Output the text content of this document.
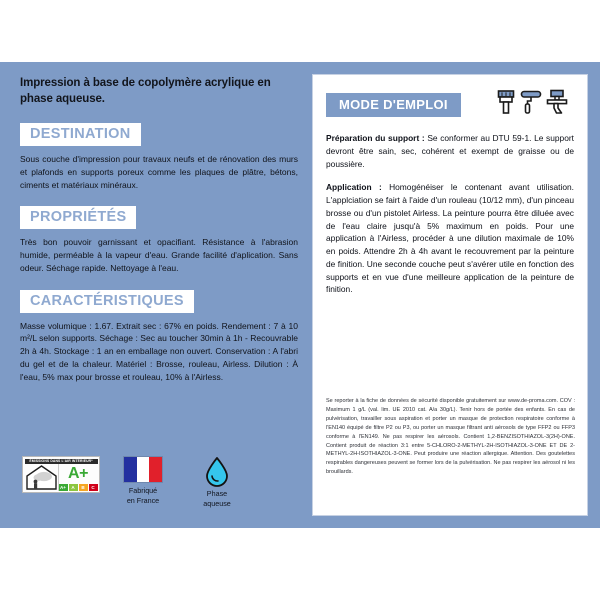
Impression à base de copolymère acrylique en phase aqueuse.
DESTINATION
Sous couche d'impression pour travaux neufs et de rénovation des murs et plafonds en supports poreux comme les plaques de plâtre, bétons, ciments et matériaux minéraux.
PROPRIÉTÉS
Très bon pouvoir garnissant et opacifiant. Résistance à l'abrasion humide, perméable à la vapeur d'eau. Grande facilité d'aplication. Sans odeur. Séchage rapide. Nettoyage à l'eau.
CARACTÉRISTIQUES
Masse volumique : 1.67. Extrait sec : 67% en poids. Rendement : 7 à 10 m²/L selon supports. Séchage : Sec au toucher 30min à 1h - Recouvrable 2h à 4h. Stockage : 1 an en emballage non ouvert. Conservation : A l'abri du gel et de la chaleur. Matériel : Brosse, rouleau, Airless. Dilution : À l'eau, 5% max pour brosse et rouleau, 10% à l'Airless.
ÉMISSIONS DANS L'AIR INTÉRIEUR*
A+
A+	A	B	C	Fabriqué
en France
Phase
aqueuse
MODE D'EMPLOI
Préparation du support : Se conformer au DTU 59-1. Le support devront être sain, sec, cohérent et exempt de graisse ou de poussière.
Application : Homogénéiser le contenant avant utilisation. L'applciation se fairt à l'aide d'un rouleau (10/12 mm), d'un pinceau brosse ou d'un pistolet Airless. La peinture pourra être diluée avec de l'eau claire jusqu'à 5% maximum en poids. Pour une application à l'Airless, procéder à une dilution maximale de 10% en poids. Attendre 2h à 4h avant le recouvrement par la peinture de finition. Une seconde couche peut s'avérer utile en fonction des supports et en vue d'une meilleure application de la peinture de finition.
Se reporter à la fiche de données de sécurité disponible gratuitement sur www.de-proma.com. COV : Maximum 1 g/L (val. lim. UE 2010 cat. A/a 30g/L). Tenir hors de portée des enfants. En cas de pulvérisation, travailler sous aspiration et porter un masque de protection respiratoire conforme à l'EN140 équipé de filtre P2 ou P3, ou porter un masque filtrant anti aérosols de type FFP2 ou FFP3 conforme à l'EN149. Ne pas respirer les aérosols. Contient 1,2-BENZISOTHIAZOL-3(2H)-ONE. Contient produit de réaction 3:1 entre 5-CHLORO-2-METHYL-2H-ISOTHIAZOL-3-ONE ET DE 2-METHYL-2H-ISOTHIAZOL-3-ONE. Peut produire une réaction allergique. Attention. Des goutelettes respirables dangereuses peuvent se former lors de la pulvérisation. Ne pas respirer les aérosol ni les brouillards.
